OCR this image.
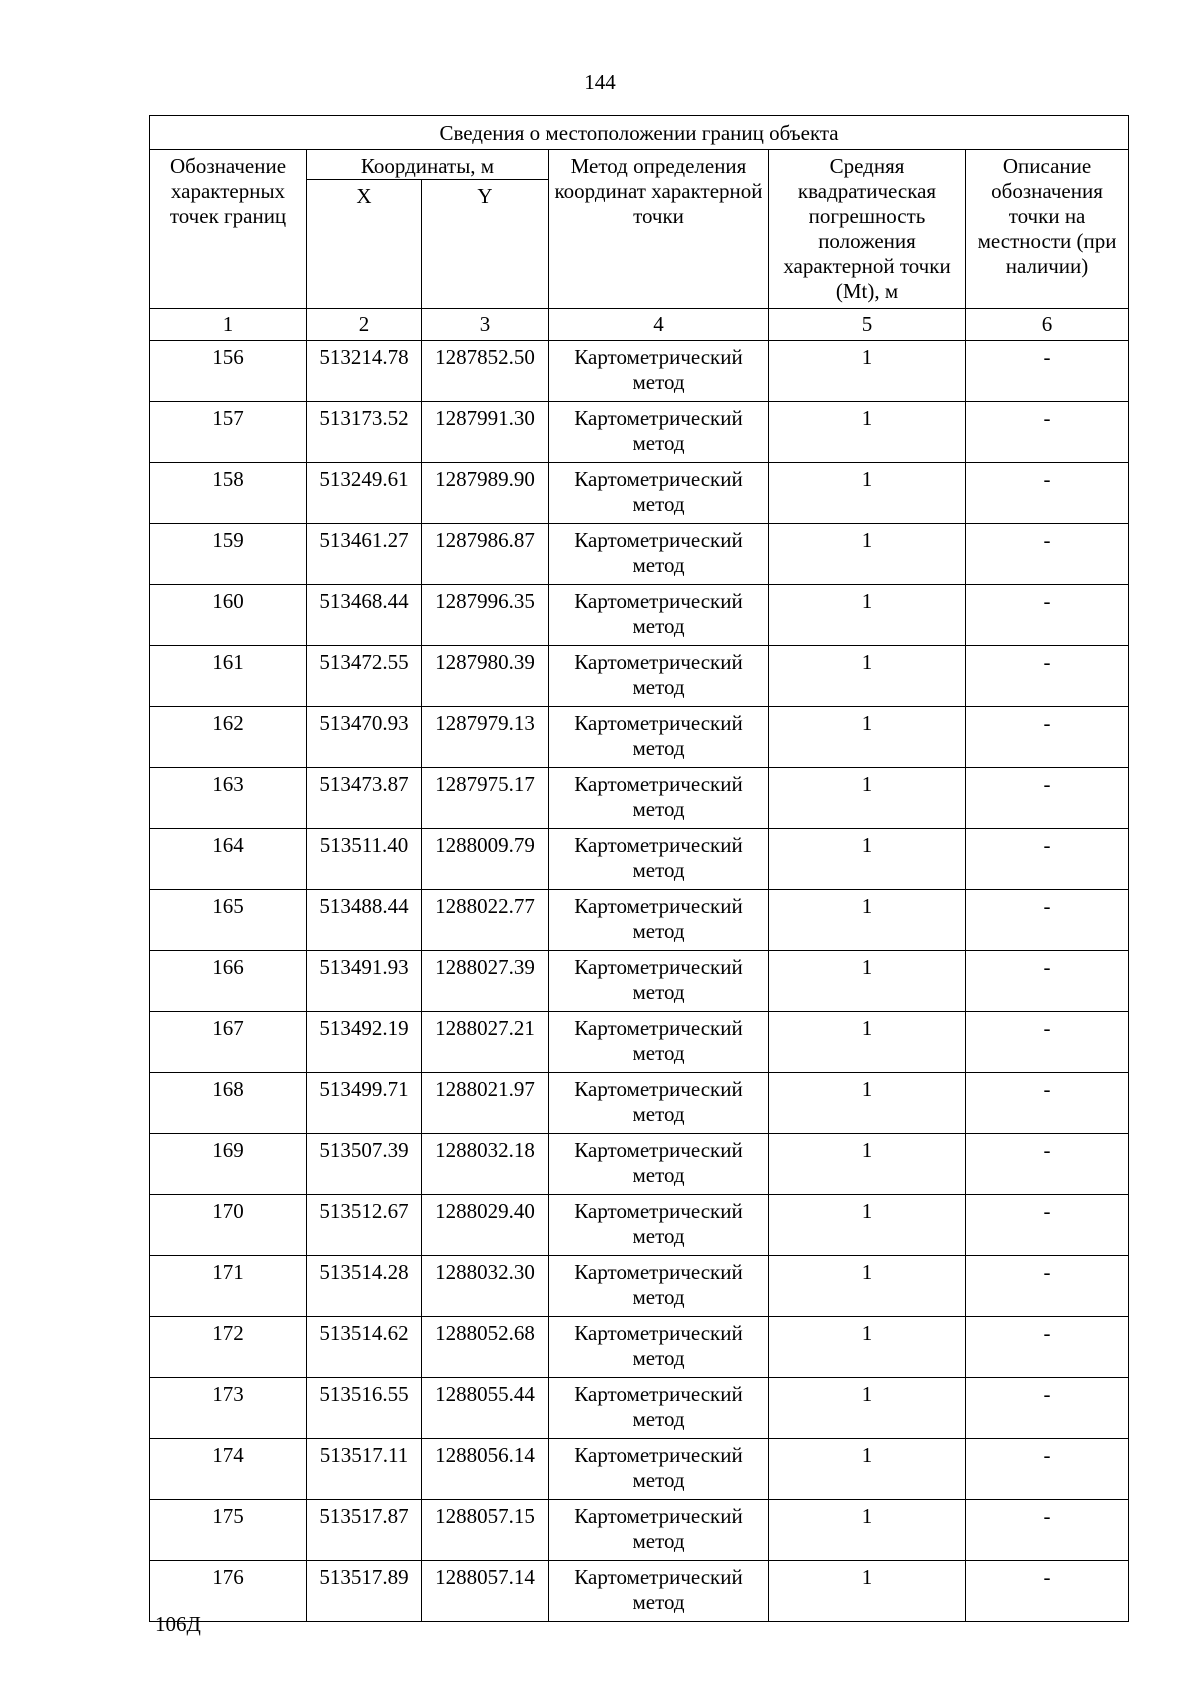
144
Сведения о местоположении границ объекта					
Обозначение характерных точек границ	Координаты, м		Метод определения координат характерной точки	Средняя квадратическая погрешность положения характерной точки (Mt), м	Описание обозначения точки на местности (при наличии)
	X	Y			
1	2	3	4	5	6
156	513214.78	1287852.50	Картометрический метод	1	-
157	513173.52	1287991.30	Картометрический метод	1	-
158	513249.61	1287989.90	Картометрический метод	1	-
159	513461.27	1287986.87	Картометрический метод	1	-
160	513468.44	1287996.35	Картометрический метод	1	-
161	513472.55	1287980.39	Картометрический метод	1	-
162	513470.93	1287979.13	Картометрический метод	1	-
163	513473.87	1287975.17	Картометрический метод	1	-
164	513511.40	1288009.79	Картометрический метод	1	-
165	513488.44	1288022.77	Картометрический метод	1	-
166	513491.93	1288027.39	Картометрический метод	1	-
167	513492.19	1288027.21	Картометрический метод	1	-
168	513499.71	1288021.97	Картометрический метод	1	-
169	513507.39	1288032.18	Картометрический метод	1	-
170	513512.67	1288029.40	Картометрический метод	1	-
171	513514.28	1288032.30	Картометрический метод	1	-
172	513514.62	1288052.68	Картометрический метод	1	-
173	513516.55	1288055.44	Картометрический метод	1	-
174	513517.11	1288056.14	Картометрический метод	1	-
175	513517.87	1288057.15	Картометрический метод	1	-
176	513517.89	1288057.14	Картометрический метод	1	-
106Д
